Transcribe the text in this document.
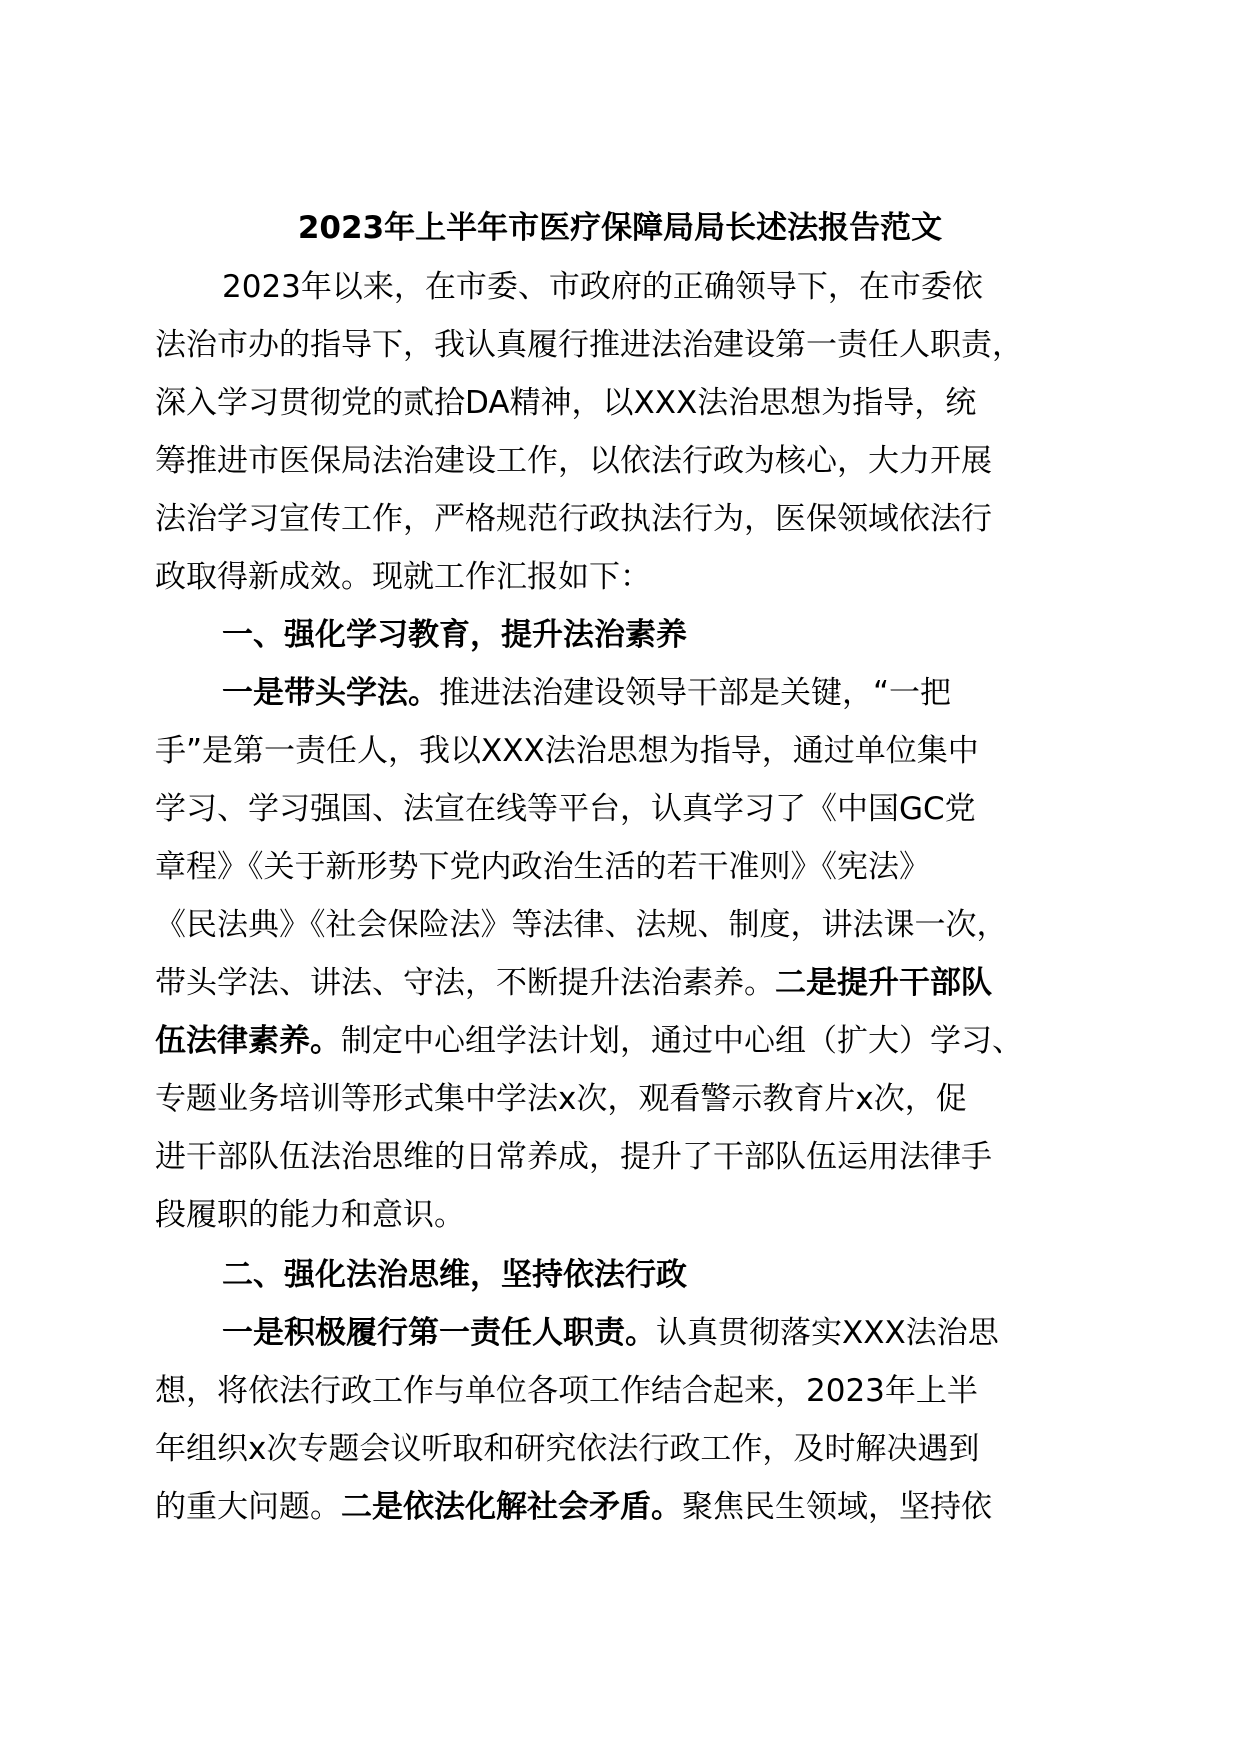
2023年上半年市医疗保障局局长述法报告范文
2023年以来，在市委、市政府的正确领导下，在市委依
法治市办的指导下，我认真履行推进法治建设第一责任人职责，
深入学习贯彻党的贰拾DA精神，以XXX法治思想为指导，统
筹推进市医保局法治建设工作，以依法行政为核心，大力开展
法治学习宣传工作，严格规范行政执法行为，医保领域依法行
政取得新成效。现就工作汇报如下：
一、强化学习教育，提升法治素养
一是带头学法。推进法治建设领导干部是关键，“一把
手”是第一责任人，我以XXX法治思想为指导，通过单位集中
学习、学习强国、法宣在线等平台，认真学习了《中国GC党
章程》《关于新形势下党内政治生活的若干准则》《宪法》
《民法典》《社会保险法》等法律、法规、制度，讲法课一次，
带头学法、讲法、守法，不断提升法治素养。二是提升干部队
伍法律素养。制定中心组学法计划，通过中心组（扩大）学习、
专题业务培训等形式集中学法x次，观看警示教育片x次，促
进干部队伍法治思维的日常养成，提升了干部队伍运用法律手
段履职的能力和意识。
二、强化法治思维，坚持依法行政
一是积极履行第一责任人职责。认真贯彻落实XXX法治思
想，将依法行政工作与单位各项工作结合起来，2023年上半
年组织x次专题会议听取和研究依法行政工作，及时解决遇到
的重大问题。二是依法化解社会矛盾。聚焦民生领域，坚持依
